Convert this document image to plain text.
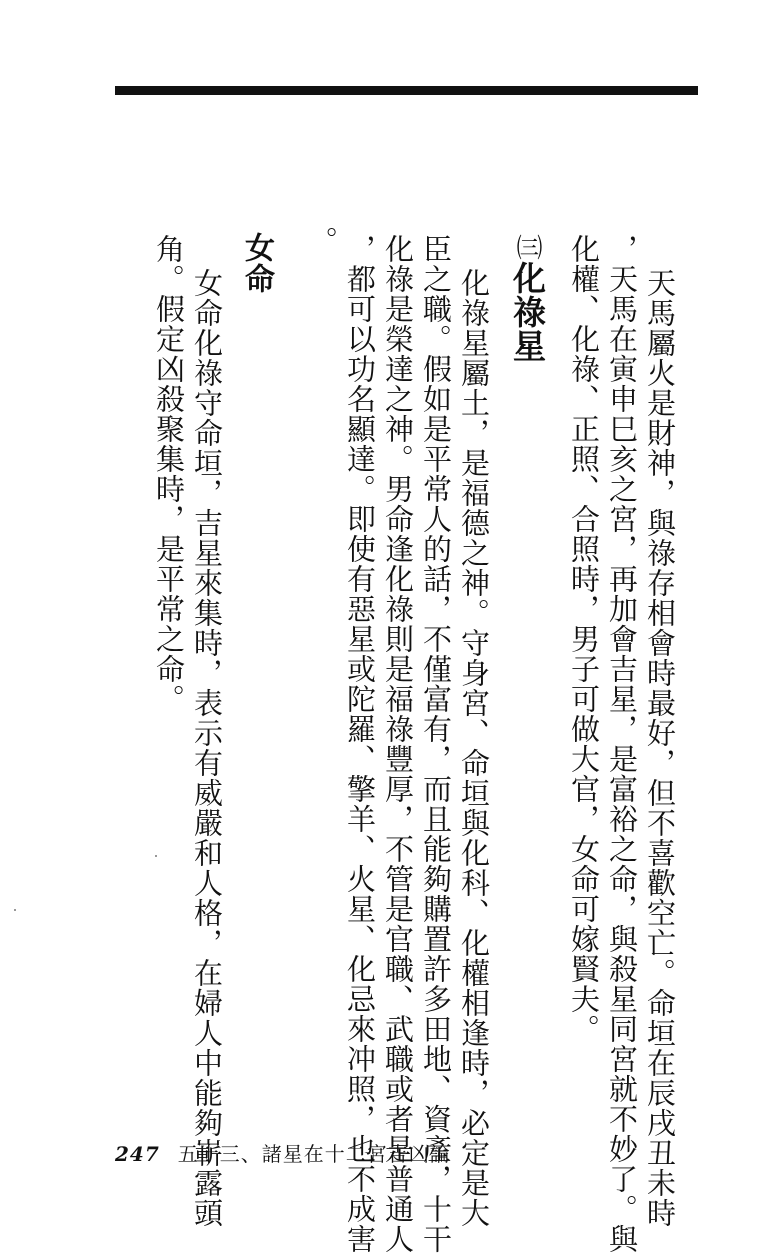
天馬屬火是財神，與祿存相會時最好，但不喜歡空亡。命垣在辰戌丑未時
，天馬在寅申巳亥之宮，再加會吉星，是富裕之命，與殺星同宮就不妙了。與
化權、化祿、正照、合照時，男子可做大官，女命可嫁賢夫。
㈢化祿星
化祿星屬土，是福德之神。守身宮、命垣與化科、化權相逢時，必定是大
臣之職。假如是平常人的話，不僅富有，而且能夠購置許多田地、資產，十干
化祿是榮達之神。男命逢化祿則是福祿豐厚，不管是官職、武職或者是普通人
，都可以功名顯達。即使有惡星或陀羅、擎羊、火星、化忌來冲照，也不成害
。
女命
女命化祿守命垣，吉星來集時，表示有威嚴和人格，在婦人中能夠嶄露頭
角。假定凶殺聚集時，是平常之命。
247 五十三、諸星在十二宮吉凶論
